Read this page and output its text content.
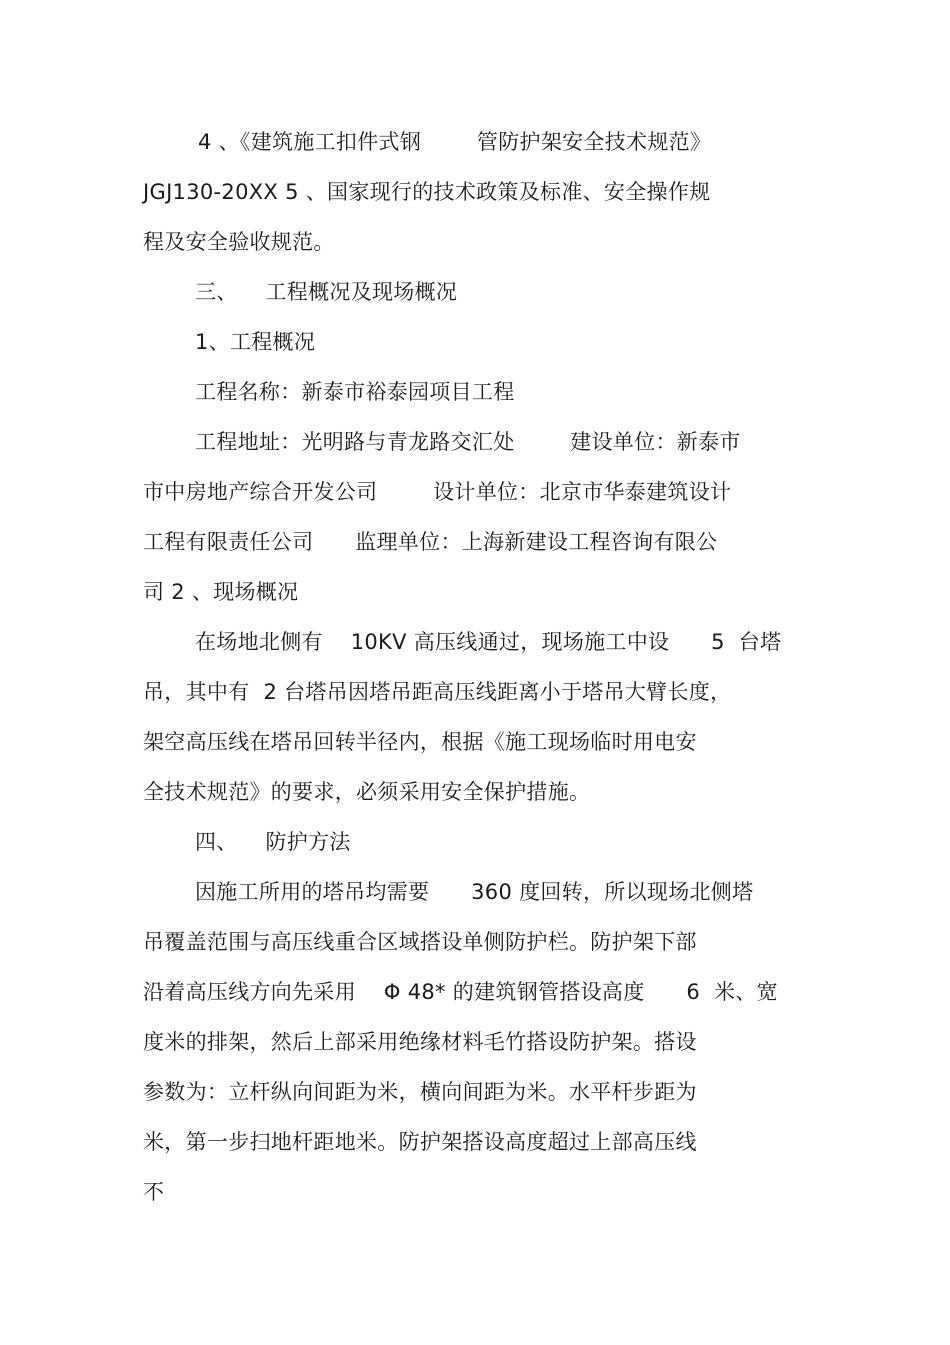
4 、《建筑施工扣件式钢        管防护架安全技术规范》
JGJ130-20XX 5 、国家现行的技术政策及标准、安全操作规
程及安全验收规范。
三、    工程概况及现场概况
1、工程概况
工程名称：新泰市裕泰园项目工程
工程地址：光明路与青龙路交汇处        建设单位：新泰市
市中房地产综合开发公司        设计单位：北京市华泰建筑设计
工程有限责任公司      监理单位：上海新建设工程咨询有限公
司 2 、现场概况
在场地北侧有    10KV 高压线通过，现场施工中设      5  台塔
吊，其中有  2 台塔吊因塔吊距高压线距离小于塔吊大臂长度，
架空高压线在塔吊回转半径内，根据《施工现场临时用电安
全技术规范》的要求，必须采用安全保护措施。
四、    防护方法
因施工所用的塔吊均需要      360 度回转，所以现场北侧塔
吊覆盖范围与高压线重合区域搭设单侧防护栏。防护架下部
沿着高压线方向先采用    Φ 48* 的建筑钢管搭设高度      6  米、宽
度米的排架，然后上部采用绝缘材料毛竹搭设防护架。搭设
参数为：立杆纵向间距为米，横向间距为米。水平杆步距为
米，第一步扫地杆距地米。防护架搭设高度超过上部高压线
不
